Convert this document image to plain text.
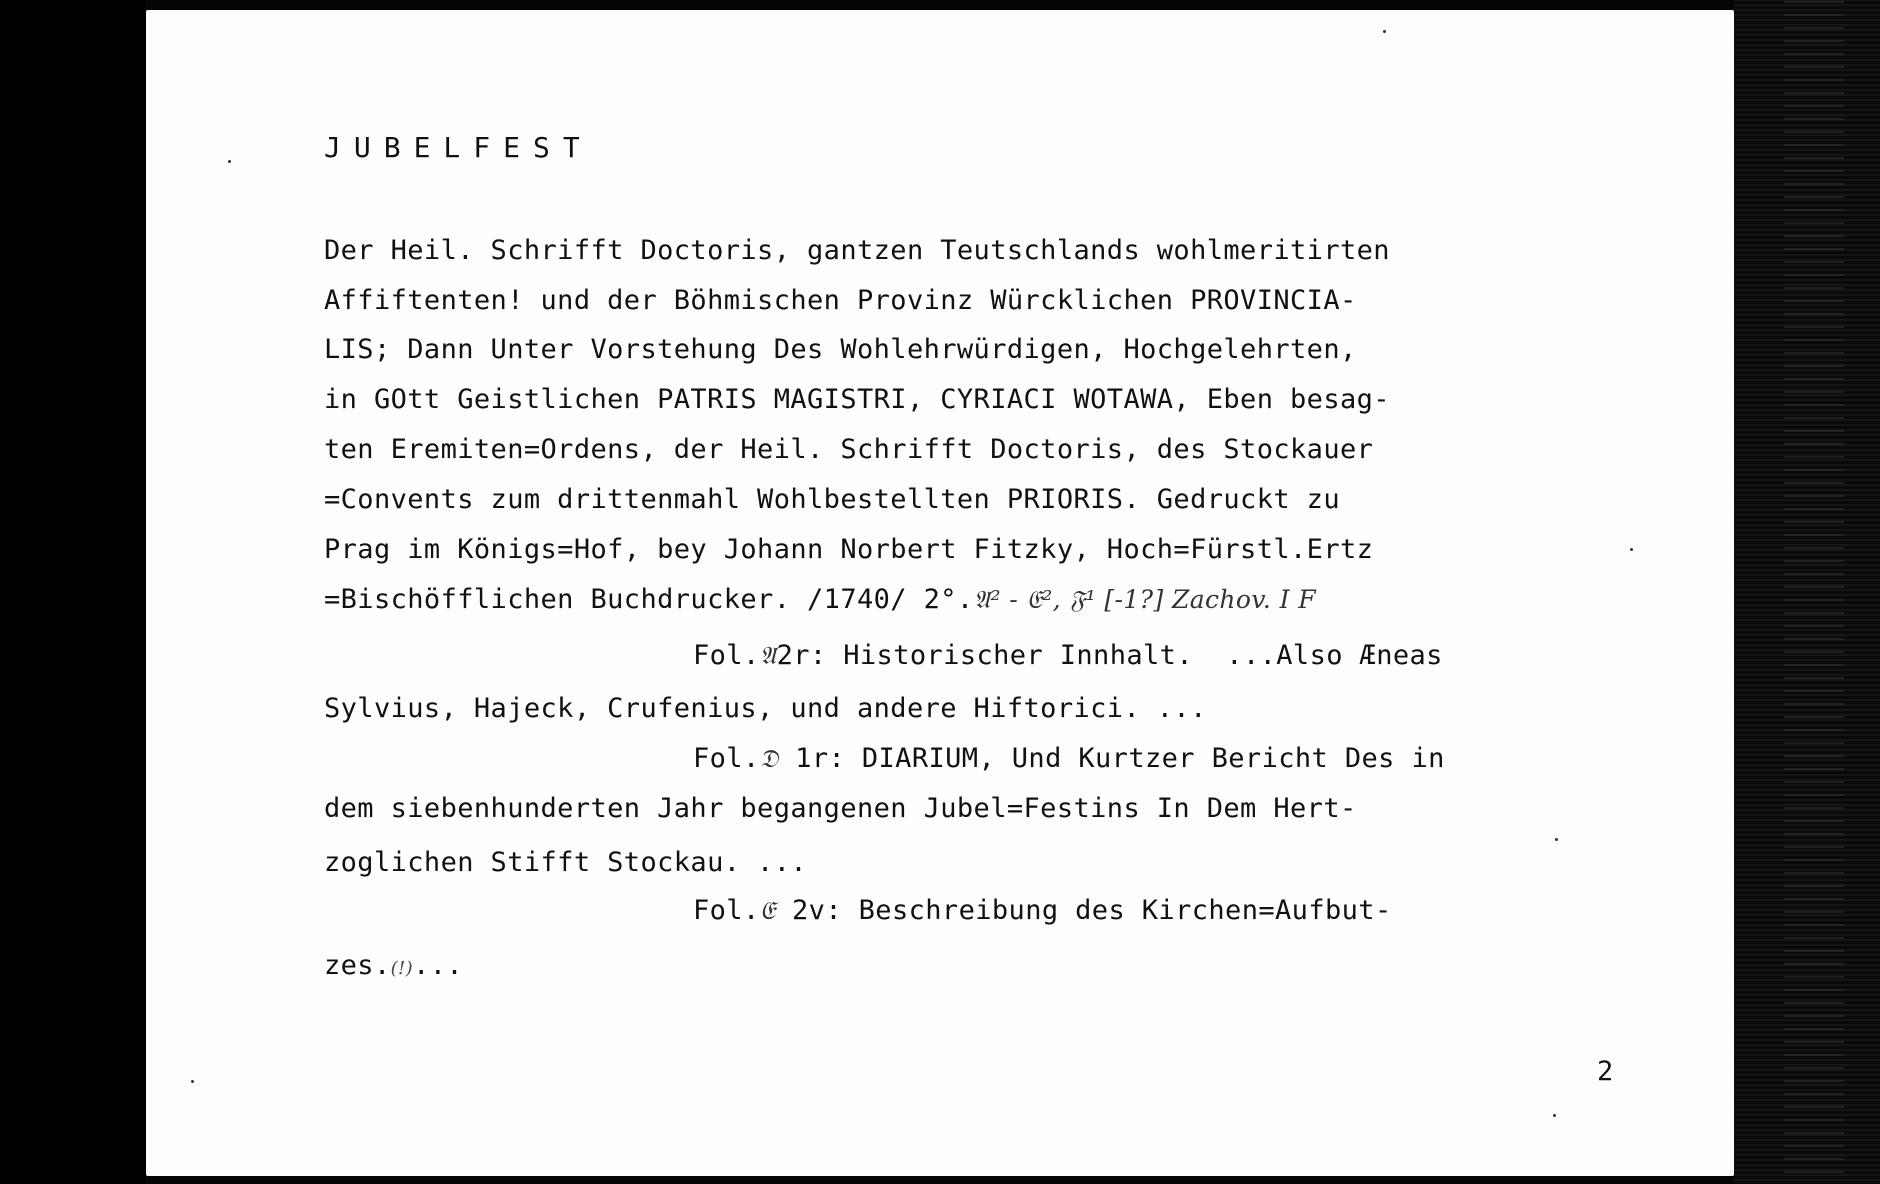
JUBELFEST
Der Heil. Schrifft Doctoris, gantzen Teutschlands wohlmeritirten
Affiftenten! und der Böhmischen Provinz Würcklichen PROVINCIA-
LIS; Dann Unter Vorstehung Des Wohlehrwürdigen, Hochgelehrten,
in GOtt Geistlichen PATRIS MAGISTRI, CYRIACI WOTAWA, Eben besag-
ten Eremiten=Ordens, der Heil. Schrifft Doctoris, des Stockauer
=Convents zum drittenmahl Wohlbestellten PRIORIS. Gedruckt zu
Prag im Königs=Hof, bey Johann Norbert Fitzky, Hoch=Fürstl.Ertz
=Bischöfflichen Buchdrucker. /1740/ 2°.𝔄² - 𝔈², 𝔉¹ [-1?] Zachov. I F
Fol.𝔄2r: Historischer Innhalt.  ...Also Æneas
Sylvius, Hajeck, Crufenius, und andere Hiftorici. ...
Fol.𝔇 1r: DIARIUM, Und Kurtzer Bericht Des in
dem siebenhunderten Jahr begangenen Jubel=Festins In Dem Hert-
zoglichen Stifft Stockau. ...
Fol.𝔈 2v: Beschreibung des Kirchen=Aufbut-
zes.(!)...
2
